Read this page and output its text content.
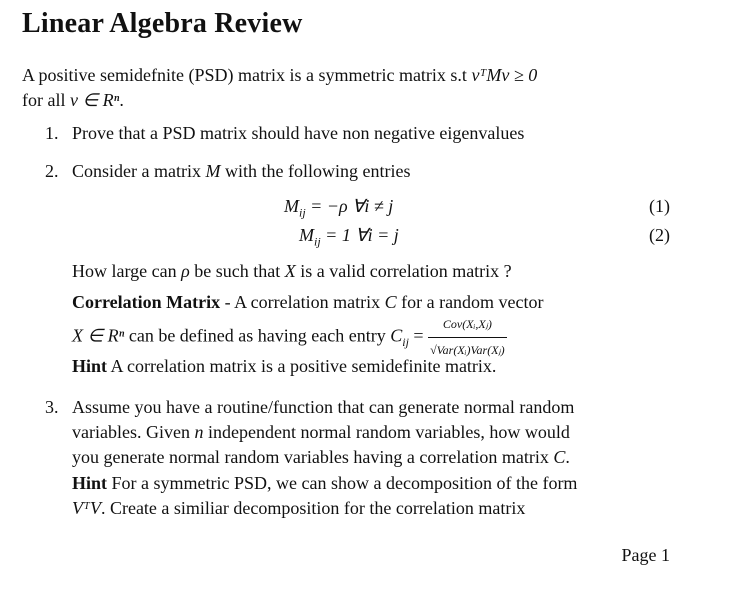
Linear Algebra Review
A positive semidefnite (PSD) matrix is a symmetric matrix s.t vᵀMv ≥ 0
for all v ∈ Rⁿ.
1. Prove that a PSD matrix should have non negative eigenvalues
2. Consider a matrix M with the following entries
$M_{ij} = -\rho$ ∀i ≠ j	(1)
$M_{ij} = 1$ ∀i = j	(2)
How large can ρ be such that X is a valid correlation matrix ?
Correlation Matrix - A correlation matrix C for a random vector
X ∈ Rⁿ can be defined as having each entry $C_{ij} = \frac{\text{Cov(Xᵢ,Xⱼ)}}{\text{√Var(Xᵢ)Var(Xⱼ)}}$
Hint A correlation matrix is a positive semidefinite matrix.
3. Assume you have a routine/function that can generate normal random
variables. Given n independent normal random variables, how would
you generate normal random variables having a correlation matrix C.
Hint For a symmetric PSD, we can show a decomposition of the form
VᵀV. Create a similiar decomposition for the correlation matrix
Page 1
